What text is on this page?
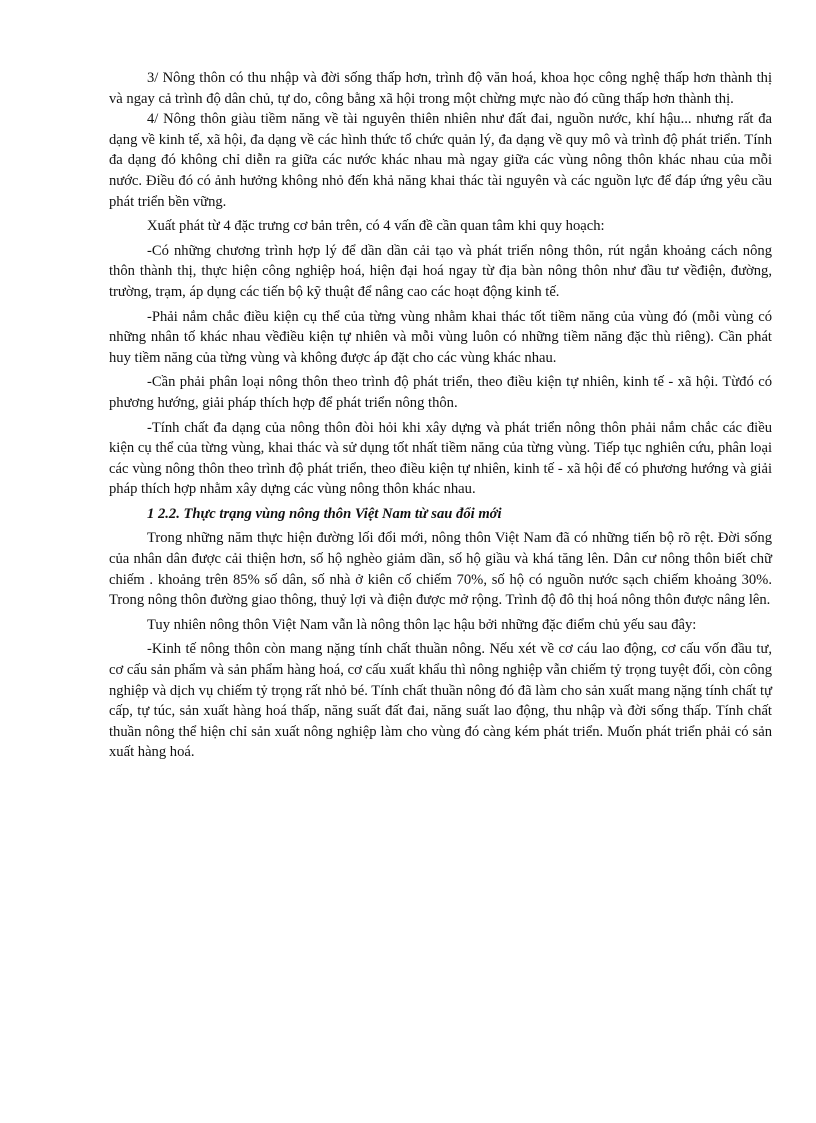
3/ Nông thôn có thu nhập và đời sống thấp hơn, trình độ văn hoá, khoa học công nghệ thấp hơn thành thị và ngay cả trình độ dân chủ, tự do, công bằng xã hội trong một chừng mực nào đó cũng thấp hơn thành thị.

4/ Nông thôn giàu tiềm năng về tài nguyên thiên nhiên như đất đai, nguồn nước, khí hậu... nhưng rất đa dạng về kinh tế, xã hội, đa dạng về các hình thức tổ chức quản lý, đa dạng về quy mô và trình độ phát triển. Tính đa dạng đó không chỉ diễn ra giữa các nước khác nhau mà ngay giữa các vùng nông thôn khác nhau của mỗi nước. Điều đó có ảnh hưởng không nhỏ đến khả năng khai thác tài nguyên và các nguồn lực để đáp ứng yêu cầu phát triển bền vững.

Xuất phát từ 4 đặc trưng cơ bản trên, có 4 vấn đề cần quan tâm khi quy hoạch:

-Có những chương trình hợp lý để dần dần cải tạo và phát triển nông thôn, rút ngắn khoảng cách nông thôn thành thị, thực hiện công nghiệp hoá, hiện đại hoá ngay từ địa bàn nông thôn như đầu tư vềđiện, đường, trường, trạm, áp dụng các tiến bộ kỹ thuật để nâng cao các hoạt động kinh tế.

-Phải nắm chắc điều kiện cụ thể của từng vùng nhằm khai thác tốt tiềm năng của vùng đó (mỗi vùng có những nhân tố khác nhau vềđiều kiện tự nhiên và mỗi vùng luôn có những tiềm năng đặc thù riêng). Cần phát huy tiềm năng của từng vùng và không được áp đặt cho các vùng khác nhau.

-Cần phải phân loại nông thôn theo trình độ phát triển, theo điều kiện tự nhiên, kinh tế - xã hội. Từđó có phương hướng, giải pháp thích hợp để phát triển nông thôn.

-Tính chất đa dạng của nông thôn đòi hỏi khi xây dựng và phát triển nông thôn phải nắm chắc các điều kiện cụ thể của từng vùng, khai thác và sử dụng tốt nhất tiềm năng của từng vùng. Tiếp tục nghiên cứu, phân loại các vùng nông thôn theo trình độ phát triển, theo điều kiện tự nhiên, kinh tế - xã hội để có phương hướng và giải pháp thích hợp nhằm xây dựng các vùng nông thôn khác nhau.

1 2.2. Thực trạng vùng nông thôn Việt Nam từ sau đổi mới

Trong những năm thực hiện đường lối đổi mới, nông thôn Việt Nam đã có những tiến bộ rõ rệt. Đời sống của nhân dân được cải thiện hơn, số hộ nghèo giảm dần, số hộ giầu và khá tăng lên. Dân cư nông thôn biết chữ chiếm . khoảng trên 85% số dân, số nhà ở kiên cố chiếm 70%, số hộ có nguồn nước sạch chiếm khoảng 30%. Trong nông thôn đường giao thông, thuỷ lợi và điện được mở rộng. Trình độ đô thị hoá nông thôn được nâng lên.

Tuy nhiên nông thôn Việt Nam vẫn là nông thôn lạc hậu bởi những đặc điểm chủ yếu sau đây:

-Kinh tế nông thôn còn mang nặng tính chất thuần nông. Nếu xét về cơ cáu lao động, cơ cấu vốn đầu tư, cơ cấu sản phẩm và sản phẩm hàng hoá, cơ cấu xuất khẩu thì nông nghiệp vẫn chiếm tỷ trọng tuyệt đối, còn công nghiệp và dịch vụ chiếm tỷ trọng rất nhỏ bé. Tính chất thuần nông đó đã làm cho sản xuất mang nặng tính chất tự cấp, tự túc, sản xuất hàng hoá thấp, năng suất đất đai, năng suất lao động, thu nhập và đời sống thấp. Tính chất thuần nông thể hiện chỉ sản xuất nông nghiệp làm cho vùng đó càng kém phát triển. Muốn phát triển phải có sản xuất hàng hoá.
